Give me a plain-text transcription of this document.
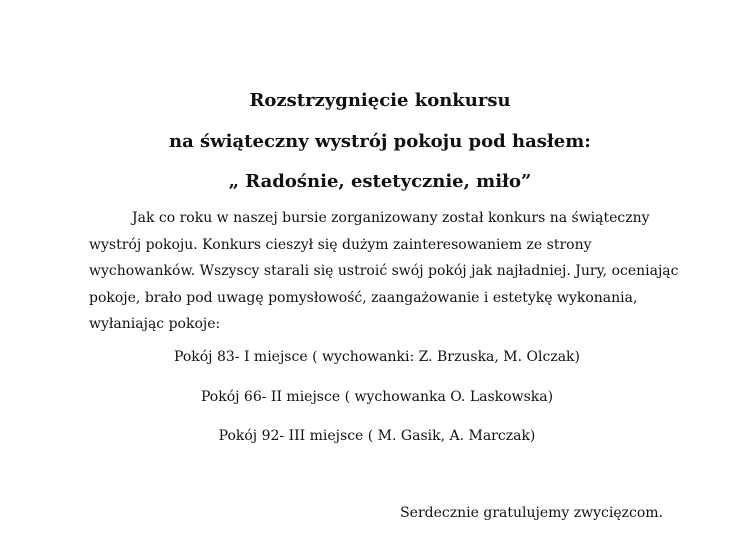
Rozstrzygnięcie konkursu
na świąteczny wystrój pokoju pod hasłem:
„ Radośnie, estetycznie, miło”
Jak co roku w naszej bursie zorganizowany został konkurs na świąteczny
wystrój pokoju. Konkurs cieszył się dużym zainteresowaniem ze strony
wychowanków. Wszyscy starali się ustroić swój pokój jak najładniej. Jury, oceniając
pokoje, brało pod uwagę pomysłowość, zaangażowanie i estetykę wykonania,
wyłaniając pokoje:

Pokój 83- I miejsce ( wychowanki: Z. Brzuska, M. Olczak)

Pokój 66- II miejsce ( wychowanka O. Laskowska)

Pokój 92- III miejsce ( M. Gasik, A. Marczak)

Serdecznie gratulujemy zwycięzcom.
